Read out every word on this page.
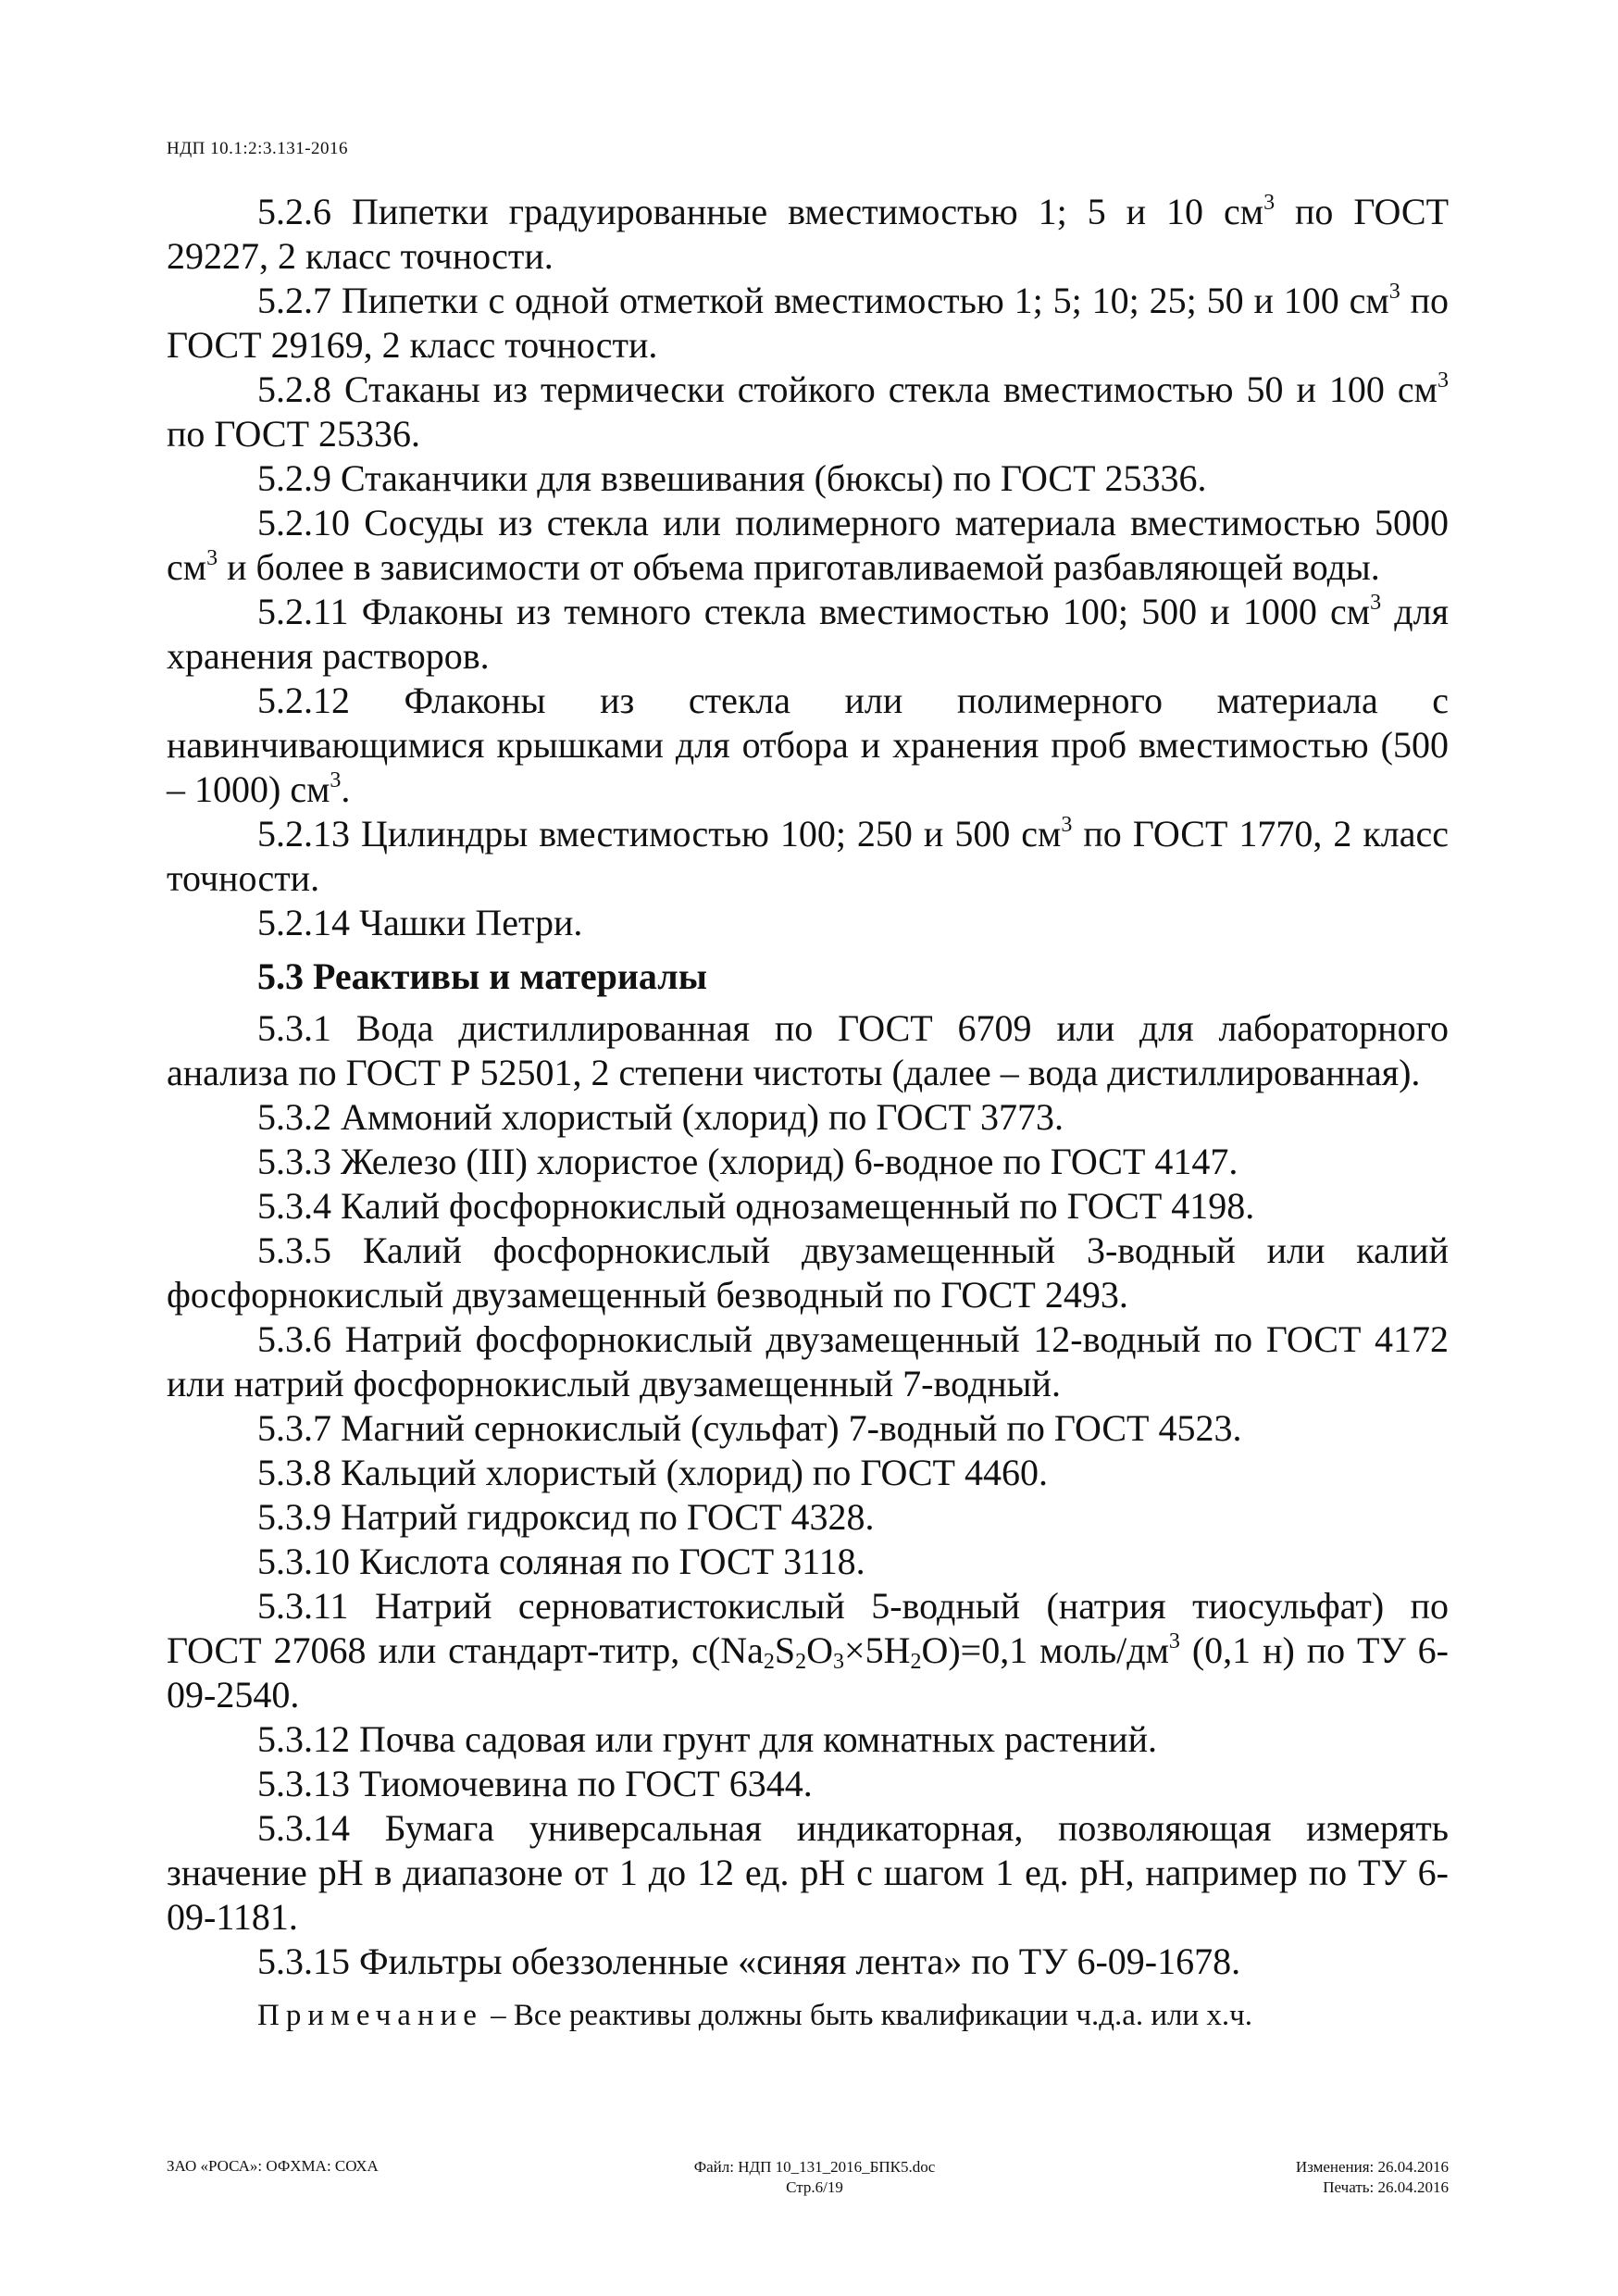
НДП 10.1:2:3.131-2016

5.2.6 Пипетки градуированные вместимостью 1; 5 и 10 $см^3$ по ГОСТ 29227, 2 класс точности.

5.2.7 Пипетки с одной отметкой вместимостью 1; 5; 10; 25; 50 и 100 $см^3$ по ГОСТ 29169, 2 класс точности.

5.2.8 Стаканы из термически стойкого стекла вместимостью 50 и 100 $см^3$ по ГОСТ 25336.

5.2.9 Стаканчики для взвешивания (бюксы) по ГОСТ 25336.

5.2.10 Сосуды из стекла или полимерного материала вместимостью 5000 $см^3$ и более в зависимости от объема приготавливаемой разбавляющей воды.

5.2.11 Флаконы из темного стекла вместимостью 100; 500 и 1000 $см^3$ для хранения растворов.

5.2.12 Флаконы из стекла или полимерного материала с навинчивающимися крышками для отбора и хранения проб вместимостью (500 – 1000) $см^3$.

5.2.13 Цилиндры вместимостью 100; 250 и 500 $см^3$ по ГОСТ 1770, 2 класс точности.

5.2.14 Чашки Петри.

5.3 Реактивы и материалы

5.3.1 Вода дистиллированная по ГОСТ 6709 или для лабораторного анализа по ГОСТ Р 52501, 2 степени чистоты (далее – вода дистиллированная).

5.3.2 Аммоний хлористый (хлорид) по ГОСТ 3773.

5.3.3 Железо (III) хлористое (хлорид) 6-водное по ГОСТ 4147.

5.3.4 Калий фосфорнокислый однозамещенный по ГОСТ 4198.

5.3.5 Калий фосфорнокислый двузамещенный 3-водный или калий фосфорнокислый двузамещенный безводный по ГОСТ 2493.

5.3.6 Натрий фосфорнокислый двузамещенный 12-водный по ГОСТ 4172 или натрий фосфорнокислый двузамещенный 7-водный.

5.3.7 Магний сернокислый (сульфат) 7-водный по ГОСТ 4523.

5.3.8 Кальций хлористый (хлорид) по ГОСТ 4460.

5.3.9 Натрий гидроксид по ГОСТ 4328.

5.3.10 Кислота соляная по ГОСТ 3118.

5.3.11 Натрий серноватистокислый 5-водный (натрия тиосульфат) по ГОСТ 27068 или стандарт-титр, $с(Na_2S_2O_3\times 5H_2O)=0,1$ моль/$дм^3$ (0,1 н) по ТУ 6-09-2540.

5.3.12 Почва садовая или грунт для комнатных растений.

5.3.13 Тиомочевина по ГОСТ 6344.

5.3.14 Бумага универсальная индикаторная, позволяющая измерять значение pH в диапазоне от 1 до 12 ед. pH с шагом 1 ед. pH, например по ТУ 6-09-1181.

5.3.15 Фильтры обеззоленные «синяя лента» по ТУ 6-09-1678.

Примечание – Все реактивы должны быть квалификации ч.д.а. или х.ч.

ЗАО «РОСА»: ОФХМА: СОХА	Файл: НДП 10_131_2016_БПК5.doc
Стр.6/19
Изменения: 26.04.2016
Печать: 26.04.2016
